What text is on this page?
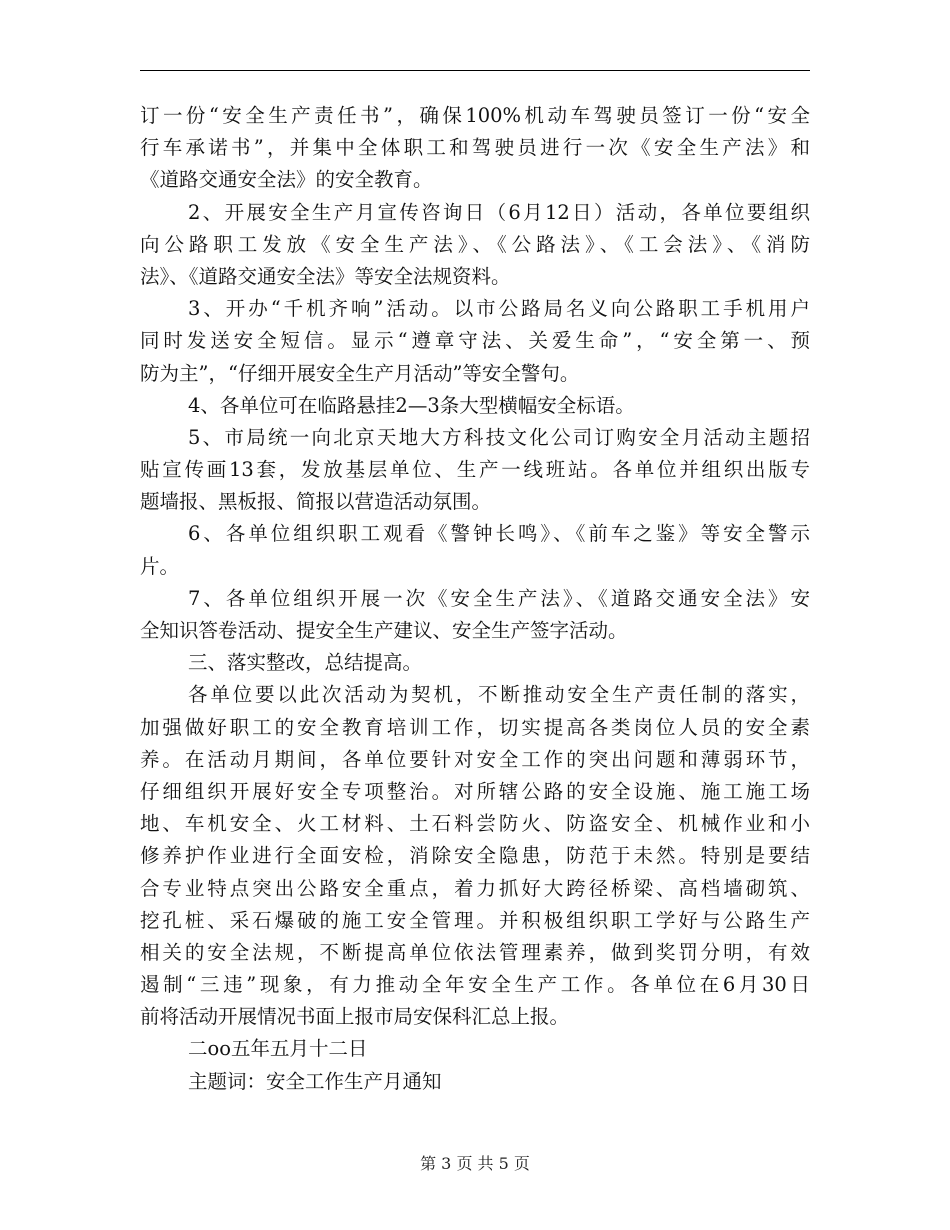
订一份“安全生产责任书”，确保100%机动车驾驶员签订一份“安全
行车承诺书”，并集中全体职工和驾驶员进行一次《安全生产法》和
《道路交通安全法》的安全教育。
2、开展安全生产月宣传咨询日（6月12日）活动，各单位要组织
向公路职工发放《安全生产法》、《公路法》、《工会法》、《消防
法》、《道路交通安全法》等安全法规资料。
3、开办“千机齐响”活动。以市公路局名义向公路职工手机用户
同时发送安全短信。显示“遵章守法、关爱生命”，“安全第一、预
防为主”，“仔细开展安全生产月活动”等安全警句。
4、各单位可在临路悬挂2—3条大型横幅安全标语。
5、市局统一向北京天地大方科技文化公司订购安全月活动主题招
贴宣传画13套，发放基层单位、生产一线班站。各单位并组织出版专
题墙报、黑板报、简报以营造活动氛围。
6、各单位组织职工观看《警钟长鸣》、《前车之鉴》等安全警示
片。
7、各单位组织开展一次《安全生产法》、《道路交通安全法》安
全知识答卷活动、提安全生产建议、安全生产签字活动。
三、落实整改，总结提高。
各单位要以此次活动为契机，不断推动安全生产责任制的落实，
加强做好职工的安全教育培训工作，切实提高各类岗位人员的安全素
养。在活动月期间，各单位要针对安全工作的突出问题和薄弱环节，
仔细组织开展好安全专项整治。对所辖公路的安全设施、施工施工场
地、车机安全、火工材料、土石料尝防火、防盗安全、机械作业和小
修养护作业进行全面安检，消除安全隐患，防范于未然。特别是要结
合专业特点突出公路安全重点，着力抓好大跨径桥梁、高档墙砌筑、
挖孔桩、采石爆破的施工安全管理。并积极组织职工学好与公路生产
相关的安全法规，不断提高单位依法管理素养，做到奖罚分明，有效
遏制“三违”现象，有力推动全年安全生产工作。各单位在6月30日
前将活动开展情况书面上报市局安保科汇总上报。
二oo五年五月十二日
主题词：安全工作生产月通知
第 3 页 共 5 页
